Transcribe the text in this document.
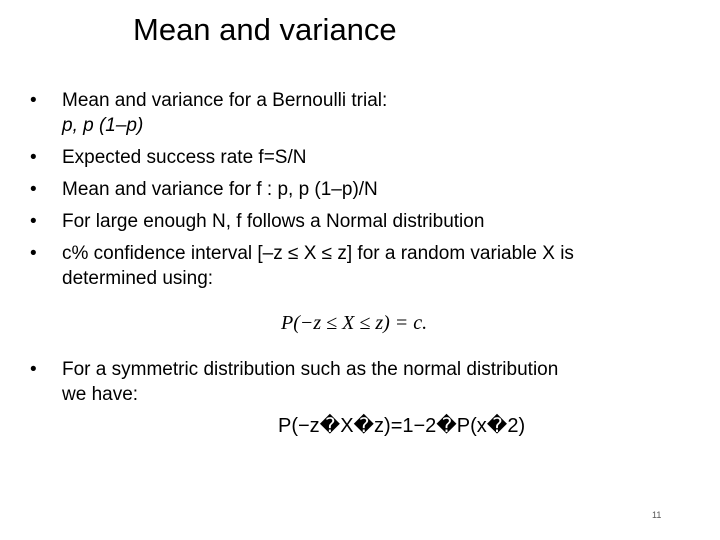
Mean and variance
•	Mean and variance for a Bernoulli trial:
p, p (1–p)
•	Expected success rate f=S/N
•	Mean and variance for f : p, p (1–p)/N
•	For large enough N, f follows a Normal distribution
•	c% confidence interval [–z ≤ X ≤ z] for a random variable X is
determined using:
P(−z ≤ X ≤ z) = c.
•	For a symmetric distribution such as the normal distribution
we have:
P(−z�X�z)=1−2�P(x�2)
11
